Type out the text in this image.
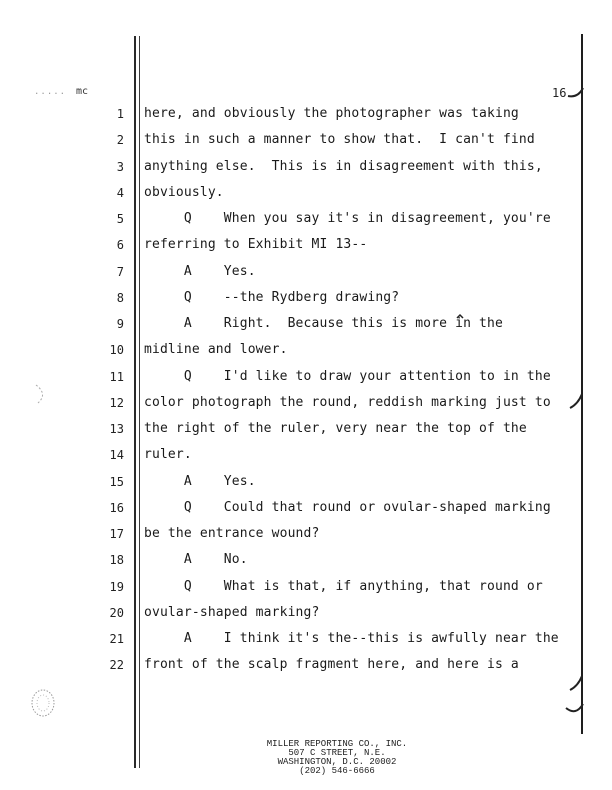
..... mc	16
1 here, and obviously the photographer was taking
2 this in such a manner to show that.  I can't find
3 anything else.  This is in disagreement with this,
4 obviously.
5 Q    When you say it's in disagreement, you're
6 referring to Exhibit MI 13--
7 A    Yes.
8 Q    --the Rydberg drawing?
9 A    Right.  Because this is more in the
10 midline and lower.
11 Q    I'd like to draw your attention to in the
12 color photograph the round, reddish marking just to
13 the right of the ruler, very near the top of the
14 ruler.
15 A    Yes.
16 Q    Could that round or ovular-shaped marking
17 be the entrance wound?
18 A    No.
19 Q    What is that, if anything, that round or
20 ovular-shaped marking?
21 A    I think it's the--this is awfully near the
22 front of the scalp fragment here, and here is a
MILLER REPORTING CO., INC.
507 C STREET, N.E.
WASHINGTON, D.C. 20002
(202) 546-6666
